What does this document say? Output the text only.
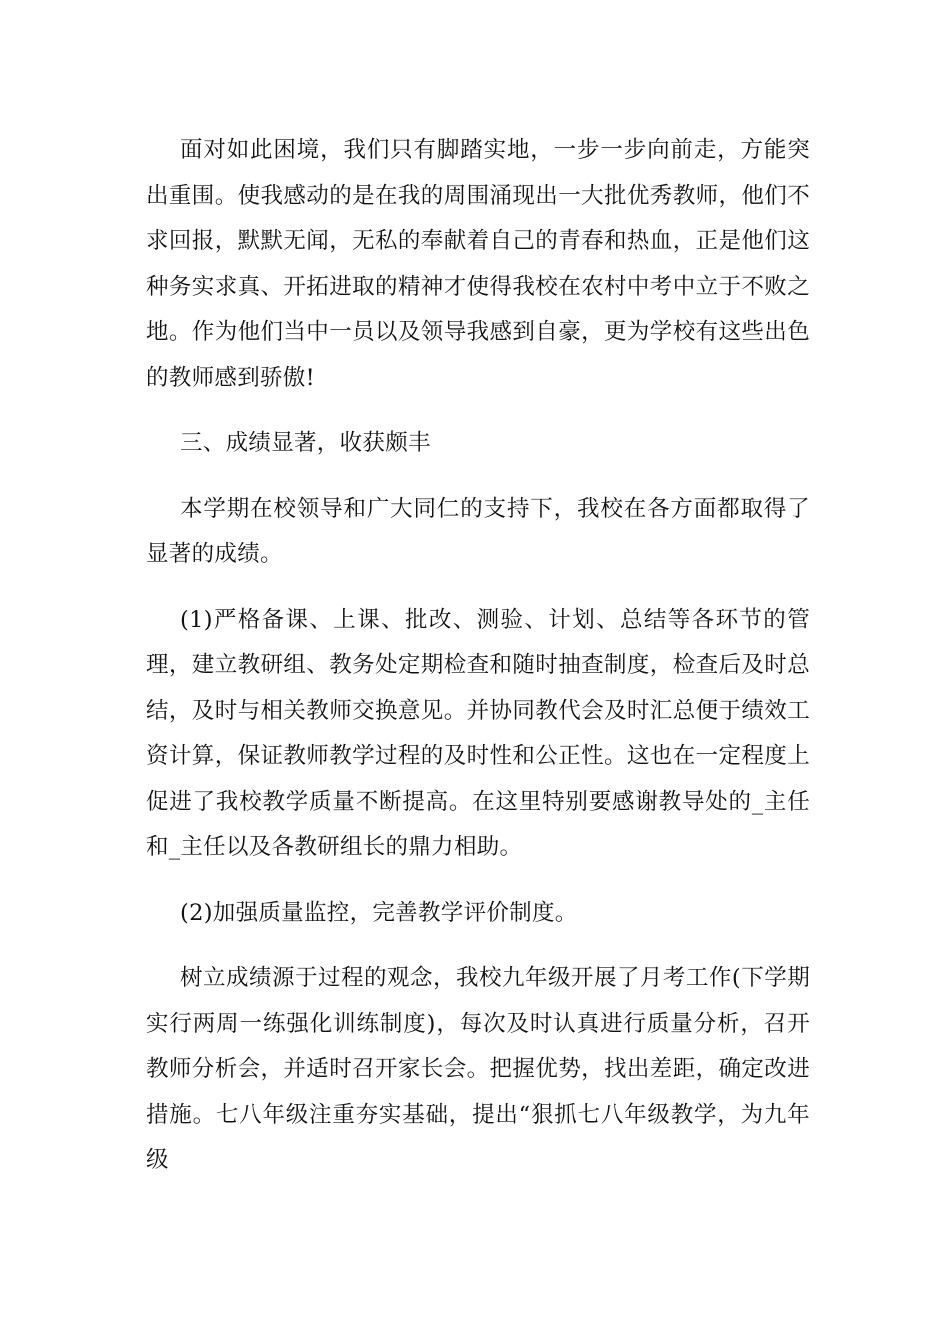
面对如此困境，我们只有脚踏实地，一步一步向前走，方能突出重围。使我感动的是在我的周围涌现出一大批优秀教师，他们不求回报，默默无闻，无私的奉献着自己的青春和热血，正是他们这种务实求真、开拓进取的精神才使得我校在农村中考中立于不败之地。作为他们当中一员以及领导我感到自豪，更为学校有这些出色的教师感到骄傲!

三、成绩显著，收获颇丰

本学期在校领导和广大同仁的支持下，我校在各方面都取得了显著的成绩。

(1)严格备课、上课、批改、测验、计划、总结等各环节的管理，建立教研组、教务处定期检查和随时抽查制度，检查后及时总结，及时与相关教师交换意见。并协同教代会及时汇总便于绩效工资计算，保证教师教学过程的及时性和公正性。这也在一定程度上促进了我校教学质量不断提高。在这里特别要感谢教导处的_主任和_主任以及各教研组长的鼎力相助。

(2)加强质量监控，完善教学评价制度。

树立成绩源于过程的观念，我校九年级开展了月考工作(下学期实行两周一练强化训练制度)，每次及时认真进行质量分析，召开教师分析会，并适时召开家长会。把握优势，找出差距，确定改进措施。七八年级注重夯实基础，提出“狠抓七八年级教学，为九年级
